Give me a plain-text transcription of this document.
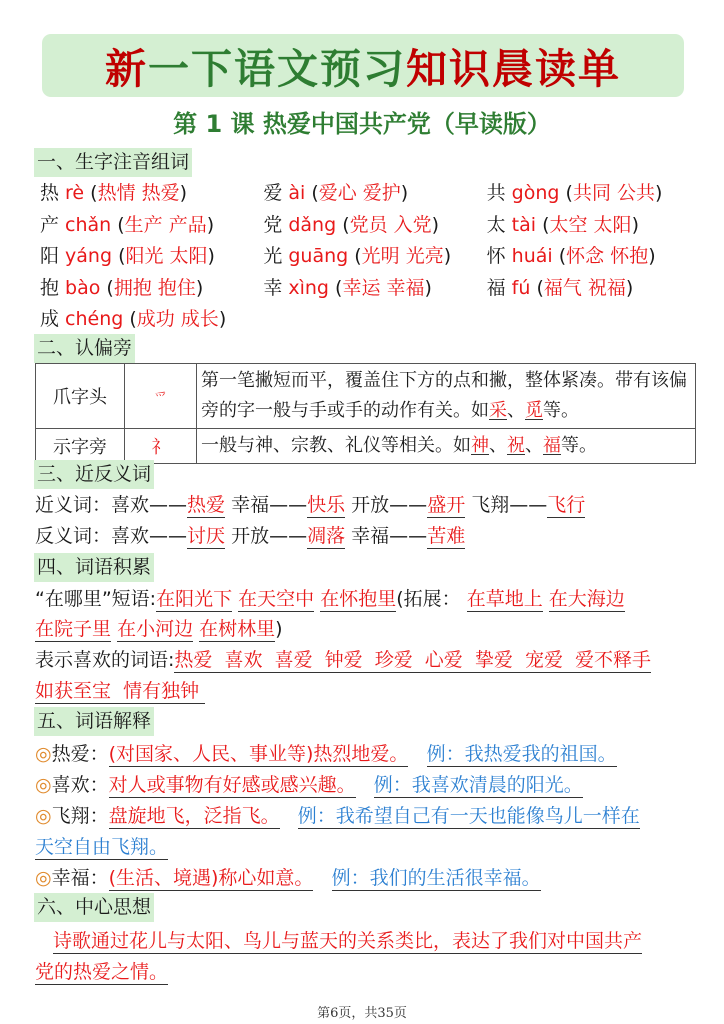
新一下语文预习知识晨读单
第 1 课 热爱中国共产党（早读版）
一、生字注音组词
热 rè (热情 热爱)	爱 ài (爱心 爱护)	共 gòng (共同 公共)
产 chǎn (生产 产品)	党 dǎng (党员 入党)	太 tài (太空 太阳)
阳 yáng (阳光 太阳)	光 guāng (光明 光亮)	怀 huái (怀念 怀抱)
抱 bào (拥抱 抱住)	幸 xìng (幸运 幸福)	福 fú (福气 祝福)
成 chéng (成功 成长)
二、认偏旁
爪字头	爫	第一笔撇短而平，覆盖住下方的点和撇，整体紧凑。带有该偏旁的字一般与手或手的动作有关。如采、觅等。
示字旁	礻	一般与神、宗教、礼仪等相关。如神、祝、福等。
三、近反义词
近义词：喜欢——热爱 幸福——快乐 开放——盛开 飞翔——飞行
反义词：喜欢——讨厌 开放——凋落 幸福——苦难
四、词语积累
“在哪里”短语:在阳光下 在天空中 在怀抱里(拓展： 在草地上 在大海边
在院子里 在小河边 在树林里)
表示喜欢的词语:热爱  喜欢  喜爱  钟爱  珍爱  心爱  挚爱  宠爱  爱不释手
如获至宝  情有独钟
五、词语解释
◎热爱：(对国家、人民、事业等)热烈地爱。 例：我热爱我的祖国。
◎喜欢：对人或事物有好感或感兴趣。 例：我喜欢清晨的阳光。
◎飞翔：盘旋地飞，泛指飞。 例：我希望自己有一天也能像鸟儿一样在
天空自由飞翔。
◎幸福：(生活、境遇)称心如意。 例：我们的生活很幸福。
六、中心思想
诗歌通过花儿与太阳、鸟儿与蓝天的关系类比，表达了我们对中国共产
党的热爱之情。
第6页，共35页
